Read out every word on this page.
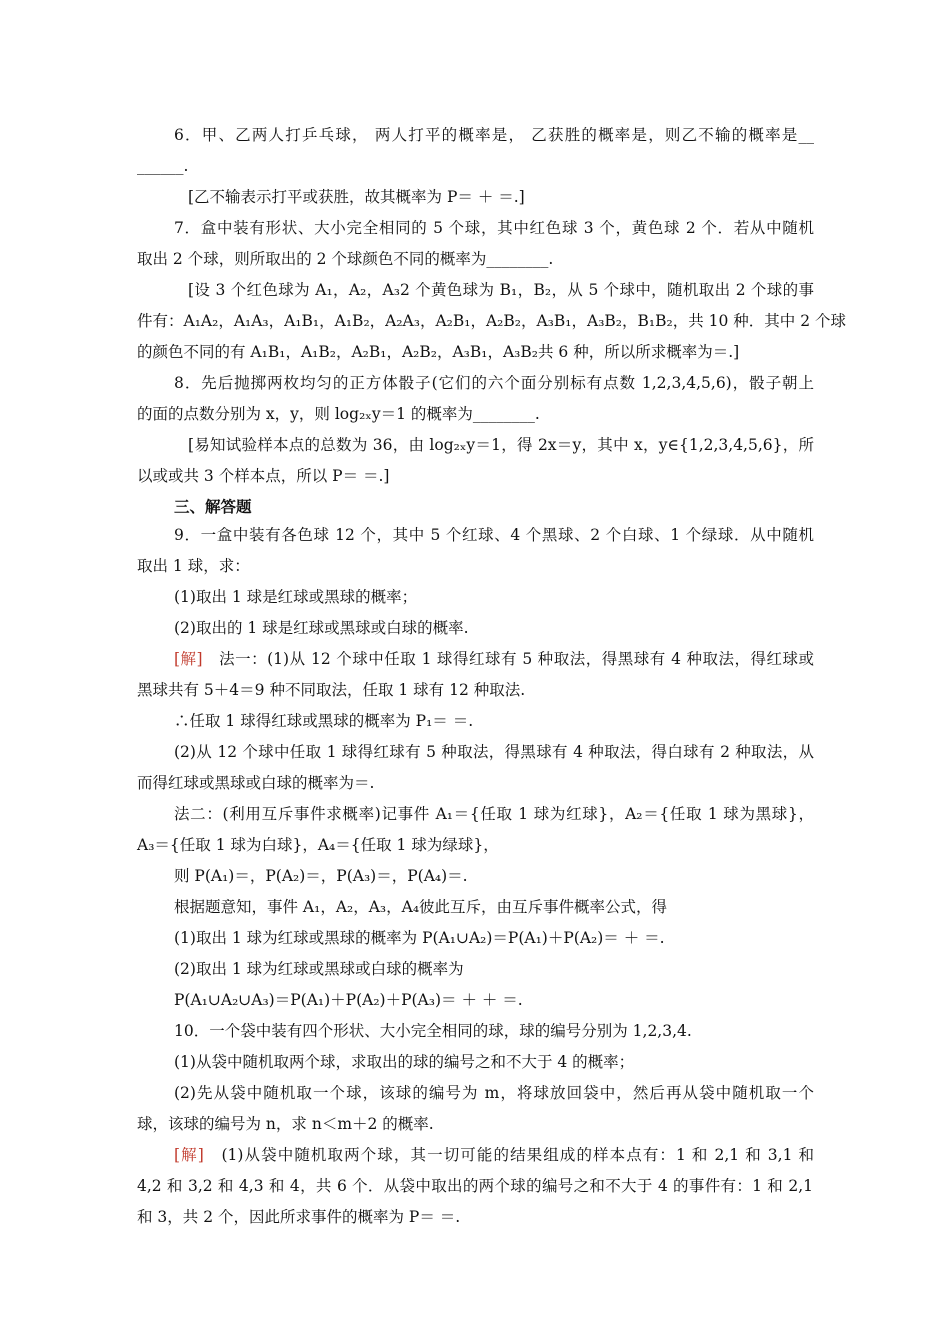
6．甲、乙两人打乒乓球， 两人打平的概率是， 乙获胜的概率是，则乙不输的概率是__
______.
[乙不输表示打平或获胜，故其概率为 P＝ ＋ ＝.]
7．盒中装有形状、大小完全相同的 5 个球，其中红色球 3 个，黄色球 2 个．若从中随机
取出 2 个球，则所取出的 2 个球颜色不同的概率为________.
[设 3 个红色球为 A₁，A₂，A₃2 个黄色球为 B₁，B₂，从 5 个球中，随机取出 2 个球的事
件有：A₁A₂，A₁A₃，A₁B₁，A₁B₂，A₂A₃，A₂B₁，A₂B₂，A₃B₁，A₃B₂，B₁B₂，共 10 种．其中 2 个球
的颜色不同的有 A₁B₁，A₁B₂，A₂B₁，A₂B₂，A₃B₁，A₃B₂共 6 种，所以所求概率为＝.]
8．先后抛掷两枚均匀的正方体骰子(它们的六个面分别标有点数 1,2,3,4,5,6)，骰子朝上
的面的点数分别为 x，y，则 log₂ₓy＝1 的概率为________.
[易知试验样本点的总数为 36，由 log₂ₓy＝1，得 2x＝y，其中 x，y∈{1,2,3,4,5,6}，所
以或或共 3 个样本点，所以 P＝ ＝.]
三、解答题
9．一盒中装有各色球 12 个，其中 5 个红球、4 个黑球、2 个白球、1 个绿球．从中随机
取出 1 球，求：
(1)取出 1 球是红球或黑球的概率；
(2)取出的 1 球是红球或黑球或白球的概率.
[解]　 法一：(1)从 12 个球中任取 1 球得红球有 5 种取法，得黑球有 4 种取法，得红球或
黑球共有 5＋4＝9 种不同取法，任取 1 球有 12 种取法.
∴任取 1 球得红球或黑球的概率为 P₁＝ ＝.
(2)从 12 个球中任取 1 球得红球有 5 种取法，得黑球有 4 种取法，得白球有 2 种取法，从
而得红球或黑球或白球的概率为＝.
法二：(利用互斥事件求概率)记事件 A₁＝{任取 1 球为红球}，A₂＝{任取 1 球为黑球}，
A₃＝{任取 1 球为白球}，A₄＝{任取 1 球为绿球}，
则 P(A₁)＝，P(A₂)＝，P(A₃)＝，P(A₄)＝.
根据题意知，事件 A₁，A₂，A₃，A₄彼此互斥，由互斥事件概率公式，得
(1)取出 1 球为红球或黑球的概率为 P(A₁∪A₂)＝P(A₁)＋P(A₂)＝ ＋ ＝.
(2)取出 1 球为红球或黑球或白球的概率为
P(A₁∪A₂∪A₃)＝P(A₁)＋P(A₂)＋P(A₃)＝ ＋ ＋ ＝.
10．一个袋中装有四个形状、大小完全相同的球，球的编号分别为 1,2,3,4.
(1)从袋中随机取两个球，求取出的球的编号之和不大于 4 的概率；
(2)先从袋中随机取一个球，该球的编号为 m，将球放回袋中，然后再从袋中随机取一个
球，该球的编号为 n，求 n＜m＋2 的概率.
[解]　 (1)从袋中随机取两个球，其一切可能的结果组成的样本点有：1 和 2,1 和 3,1 和
4,2 和 3,2 和 4,3 和 4，共 6 个．从袋中取出的两个球的编号之和不大于 4 的事件有：1 和 2,1
和 3，共 2 个，因此所求事件的概率为 P＝ ＝.
